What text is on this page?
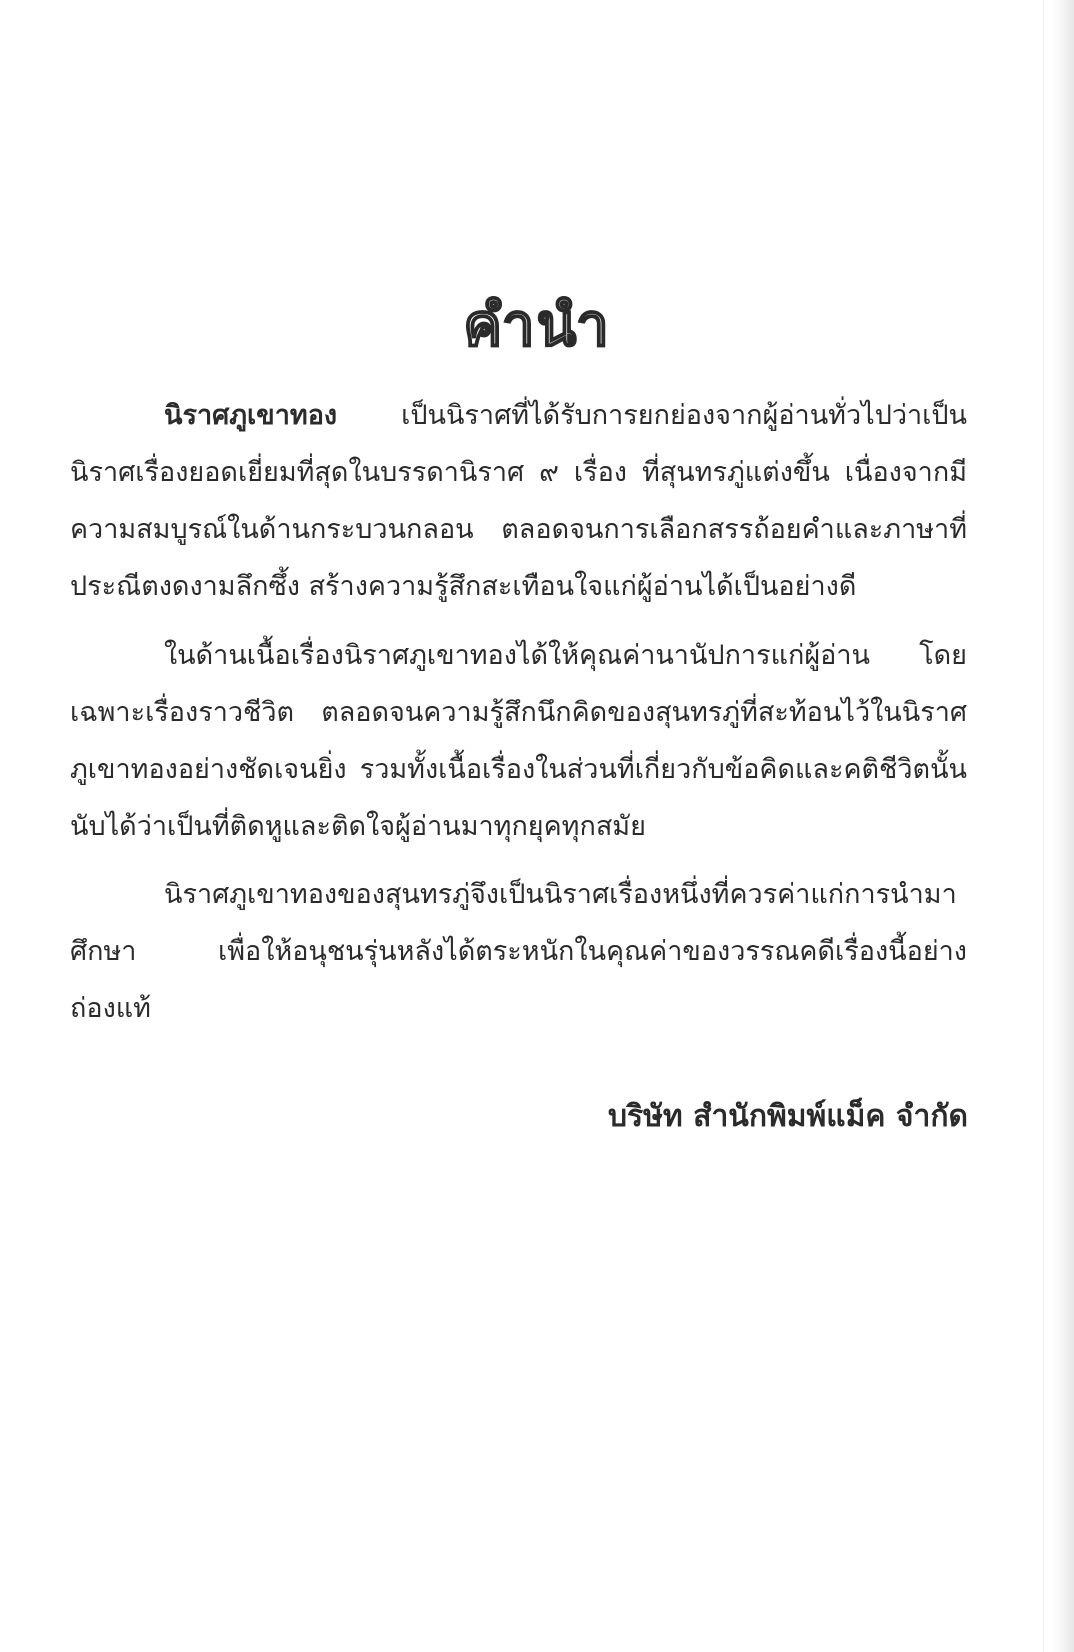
คำนำ

นิราศภูเขาทอง เป็นนิราศที่ได้รับการยกย่องจากผู้อ่านทั่วไปว่าเป็นนิราศเรื่องยอดเยี่ยมที่สุดในบรรดานิราศ ๙ เรื่อง ที่สุนทรภู่แต่งขึ้น เนื่องจากมีความสมบูรณ์ในด้านกระบวนกลอน ตลอดจนการเลือกสรรถ้อยคำและภาษาที่ประณีตงดงามลึกซึ้ง สร้างความรู้สึกสะเทือนใจแก่ผู้อ่านได้เป็นอย่างดี

ในด้านเนื้อเรื่องนิราศภูเขาทองได้ให้คุณค่านานัปการแก่ผู้อ่าน โดยเฉพาะเรื่องราวชีวิต ตลอดจนความรู้สึกนึกคิดของสุนทรภู่ที่สะท้อนไว้ในนิราศภูเขาทองอย่างชัดเจนยิ่ง รวมทั้งเนื้อเรื่องในส่วนที่เกี่ยวกับข้อคิดและคติชีวิตนั้นนับได้ว่าเป็นที่ติดหูและติดใจผู้อ่านมาทุกยุคทุกสมัย

นิราศภูเขาทองของสุนทรภู่จึงเป็นนิราศเรื่องหนึ่งที่ควรค่าแก่การนำมาศึกษา เพื่อให้อนุชนรุ่นหลังได้ตระหนักในคุณค่าของวรรณคดีเรื่องนี้อย่างถ่องแท้

บริษัท สำนักพิมพ์แม็ค จำกัด
